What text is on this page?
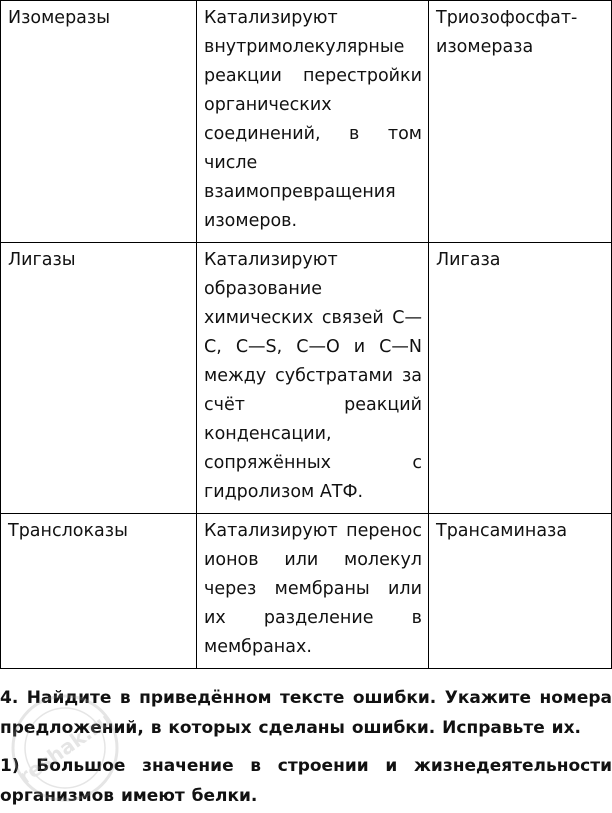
Изомеразы	Катализируют внутримолекулярные реакции перестройки органических соединений, в том числе взаимопревращения изомеров.	Триозофосфат-изомераза
Лигазы	Катализируют образование химических связей C—C, C—S, C—O и C—N между субстратами за счёт реакций конденсации, сопряжённых с гидролизом АТФ.	Лигаза
Транслоказы	Катализируют перенос ионов или молекул через мембраны или их разделение в мембранах.	Трансаминаза

4. Найдите в приведённом тексте ошибки. Укажите номера предложений, в которых сделаны ошибки. Исправьте их.

1) Большое значение в строении и жизнедеятельности организмов имеют белки.

reshak.ru
